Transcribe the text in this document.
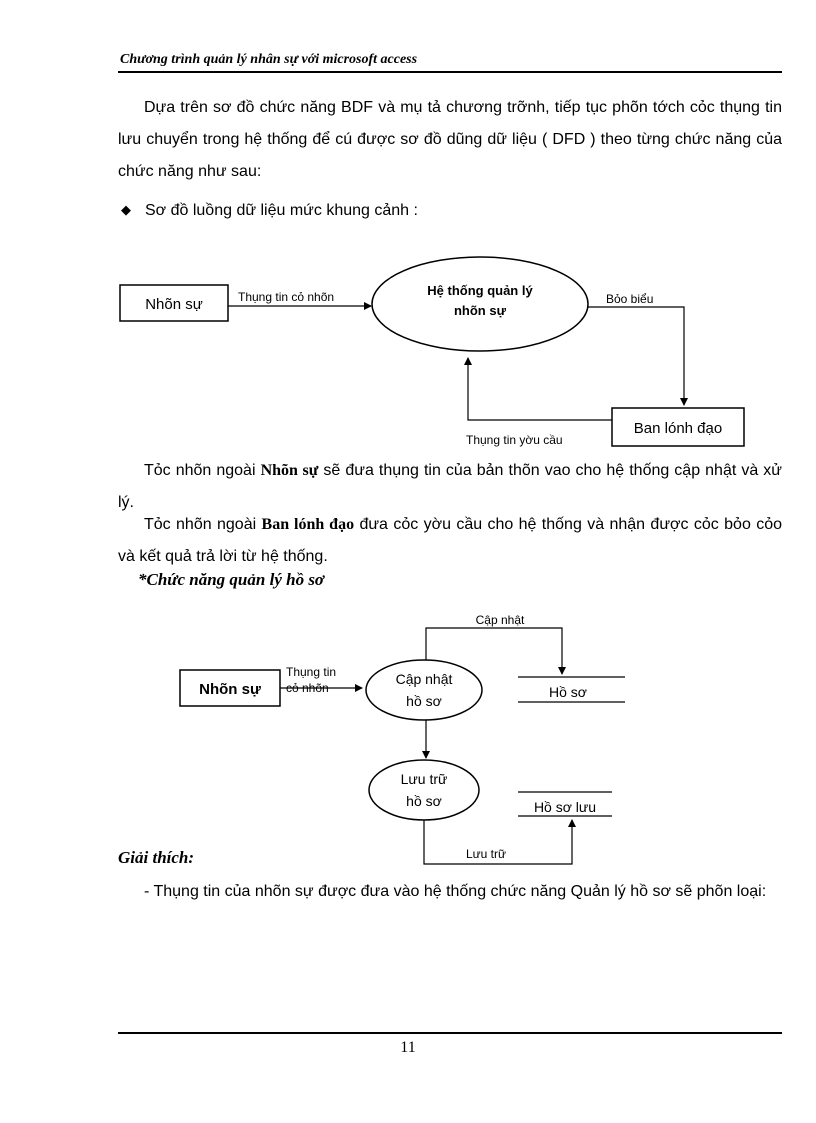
Chương trình quản lý nhân sự với microsoft access
Dựa trên sơ đồ chức năng BDF và mụ tả chương trỡnh, tiếp tục phõn tớch cỏc thụng tin lưu chuyển trong hệ thống để cú được sơ đồ dũng dữ liệu ( DFD ) theo từng chức năng của chức năng như sau:
◆ Sơ đồ luồng dữ liệu mức khung cảnh :
Nhõn sự
Hệ thống quản lý
nhõn sự
Thụng tin cỏ nhõn	Bỏo biểu
Ban lónh đạo
Thụng tin yờu cầu
Tỏc nhõn ngoài Nhõn sự sẽ đưa thụng tin của bản thõn vao cho hệ thống cập nhật và xử lý.
Tỏc nhõn ngoài Ban lónh đạo đưa cỏc yờu cầu cho hệ thống và nhận được cỏc bỏo cỏo và kết quả trả lời từ hệ thống.
*Chức năng quản lý hồ sơ
Nhõn sự
Thụng tin
cỏ nhõn
Cập nhật
hồ sơ
Hồ sơ
Cập nhật
Lưu trữ
hồ sơ	Hồ sơ lưu
Lưu trữ
Giải thích:
- Thụng tin của nhõn sự được đưa vào hệ thống chức năng Quản lý hồ sơ sẽ phõn loại:
11
